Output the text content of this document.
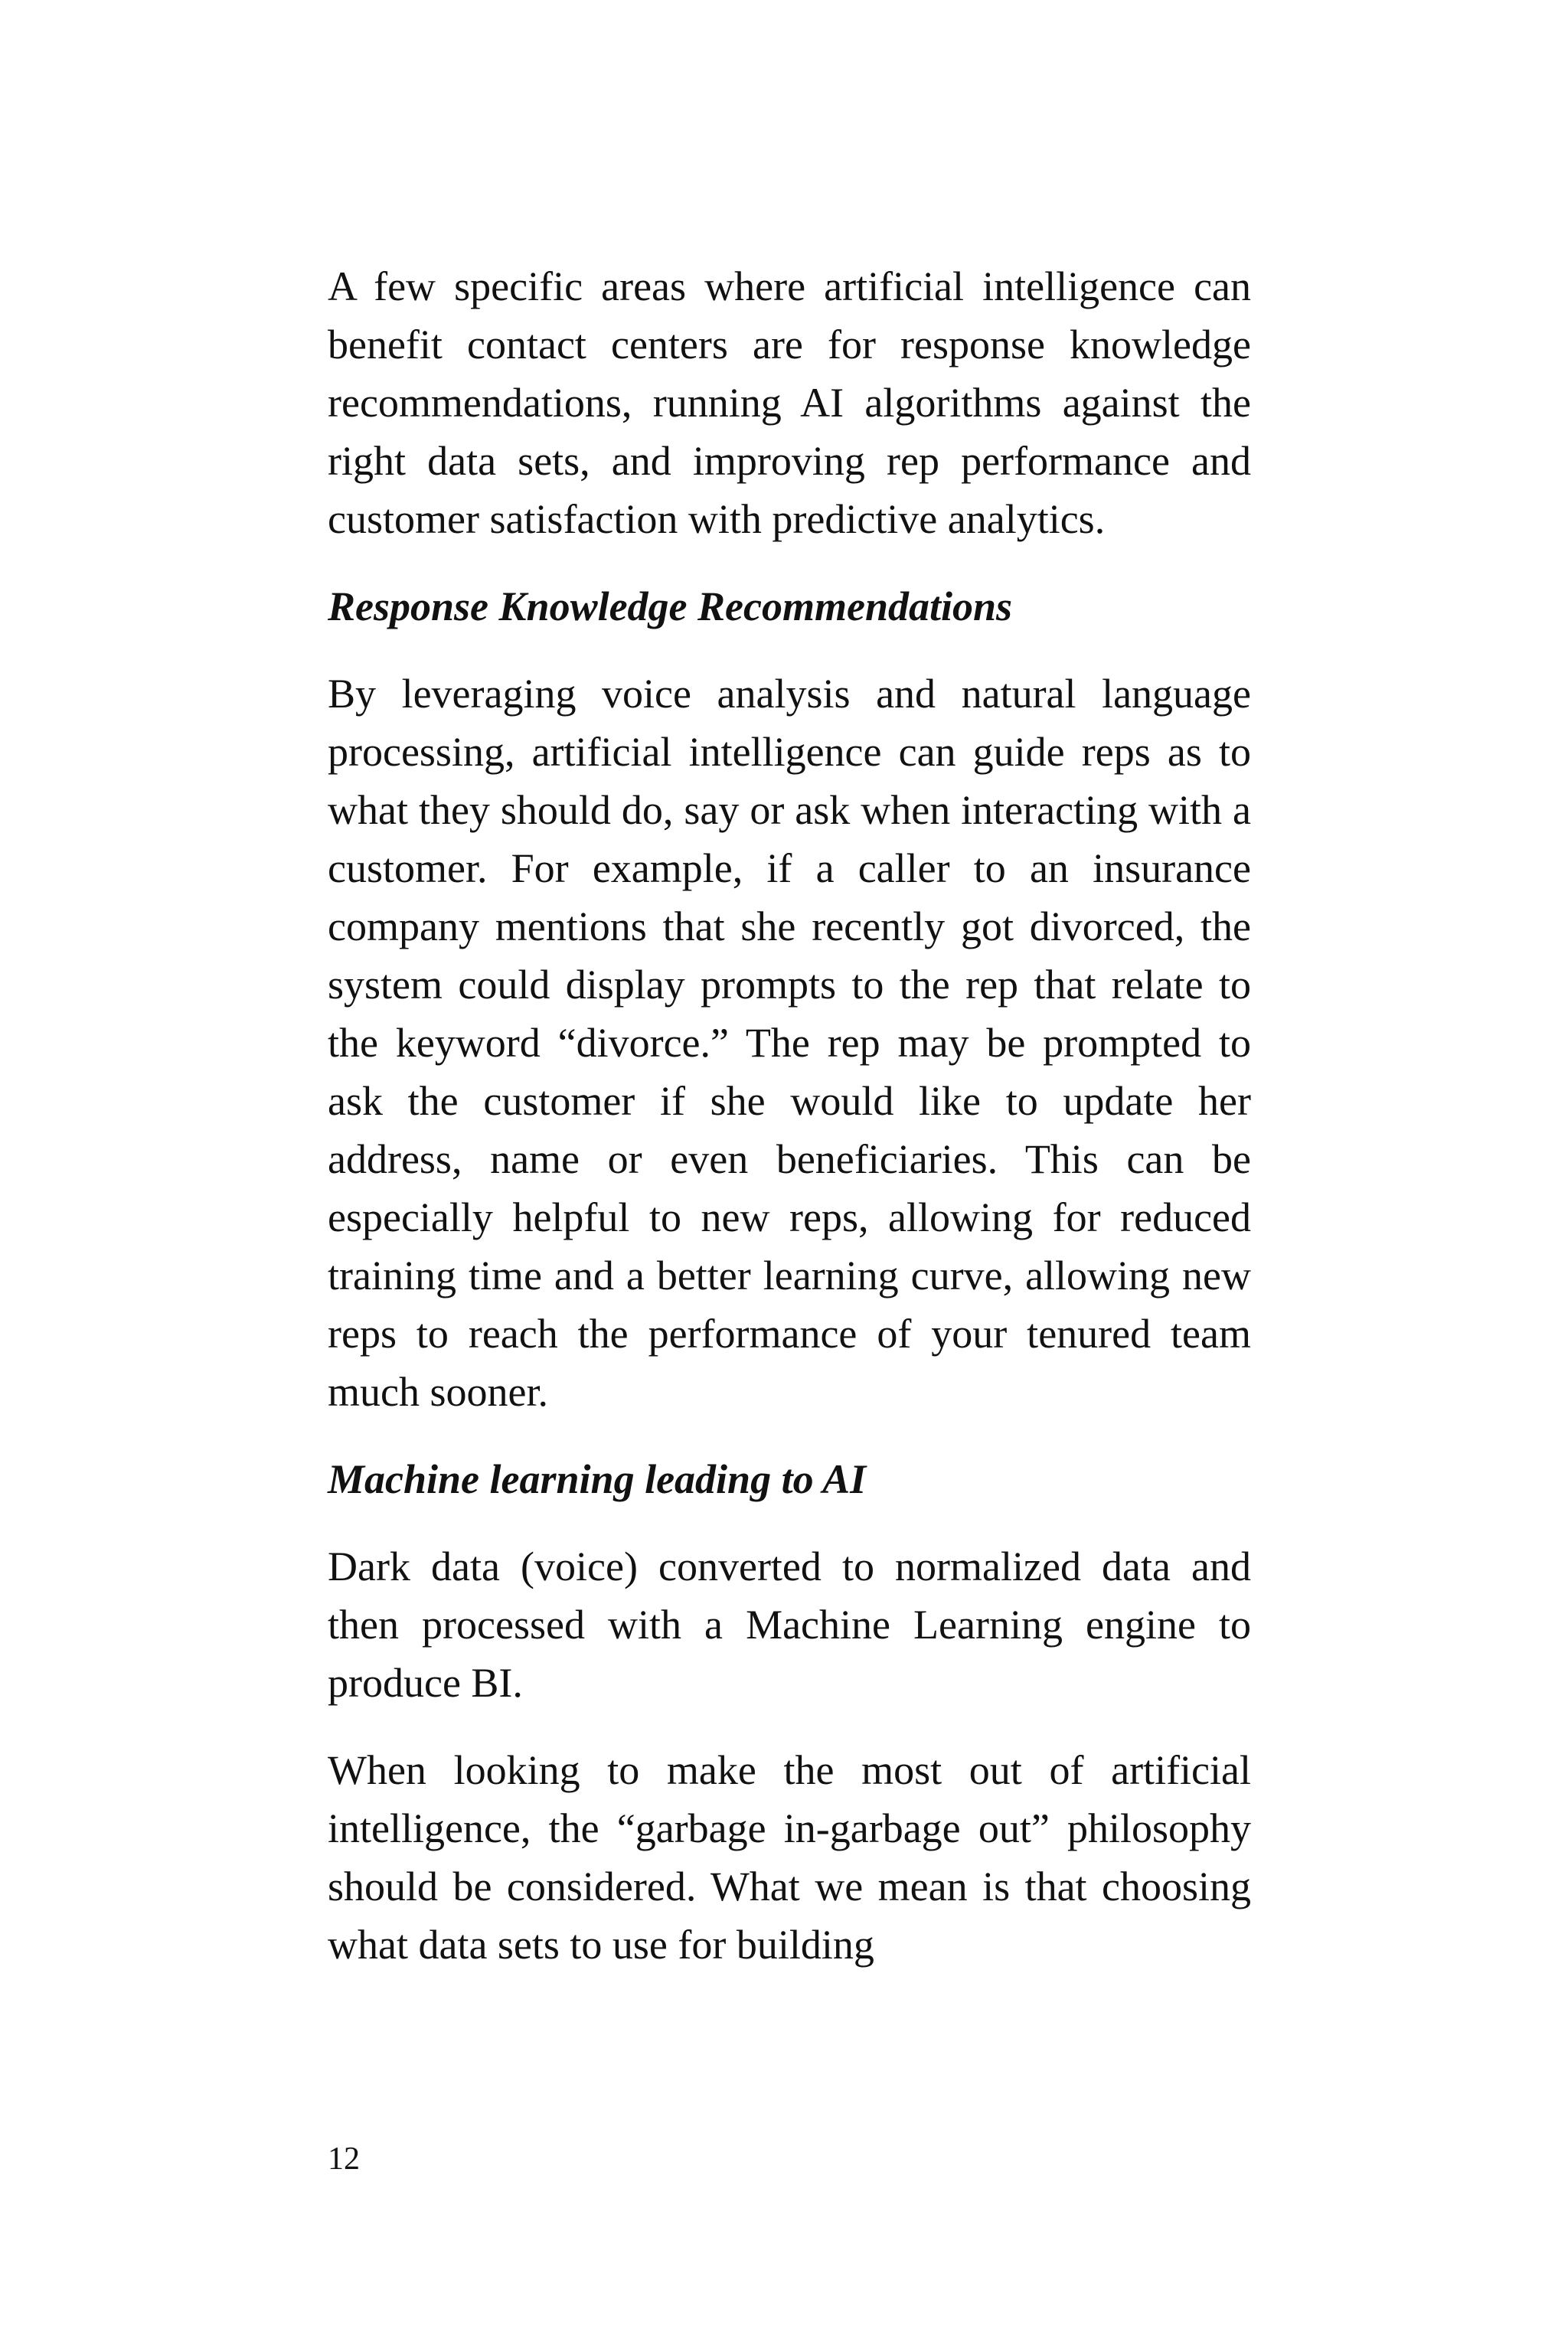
A few specific areas where artificial intelligence can benefit contact centers are for response knowledge recommendations, running AI algorithms against the right data sets, and improving rep performance and customer satisfaction with predictive analytics.

Response Knowledge Recommendations

By leveraging voice analysis and natural language processing, artificial intelligence can guide reps as to what they should do, say or ask when interacting with a customer. For example, if a caller to an insurance company mentions that she recently got divorced, the system could display prompts to the rep that relate to the keyword “divorce.” The rep may be prompted to ask the customer if she would like to update her address, name or even beneficiaries. This can be especially helpful to new reps, allowing for reduced training time and a better learning curve, allowing new reps to reach the performance of your tenured team much sooner.

Machine learning leading to AI

Dark data (voice) converted to normalized data and then processed with a Machine Learning engine to produce BI.

When looking to make the most out of artificial intelligence, the “garbage in-garbage out” philosophy should be considered. What we mean is that choosing what data sets to use for building

12
